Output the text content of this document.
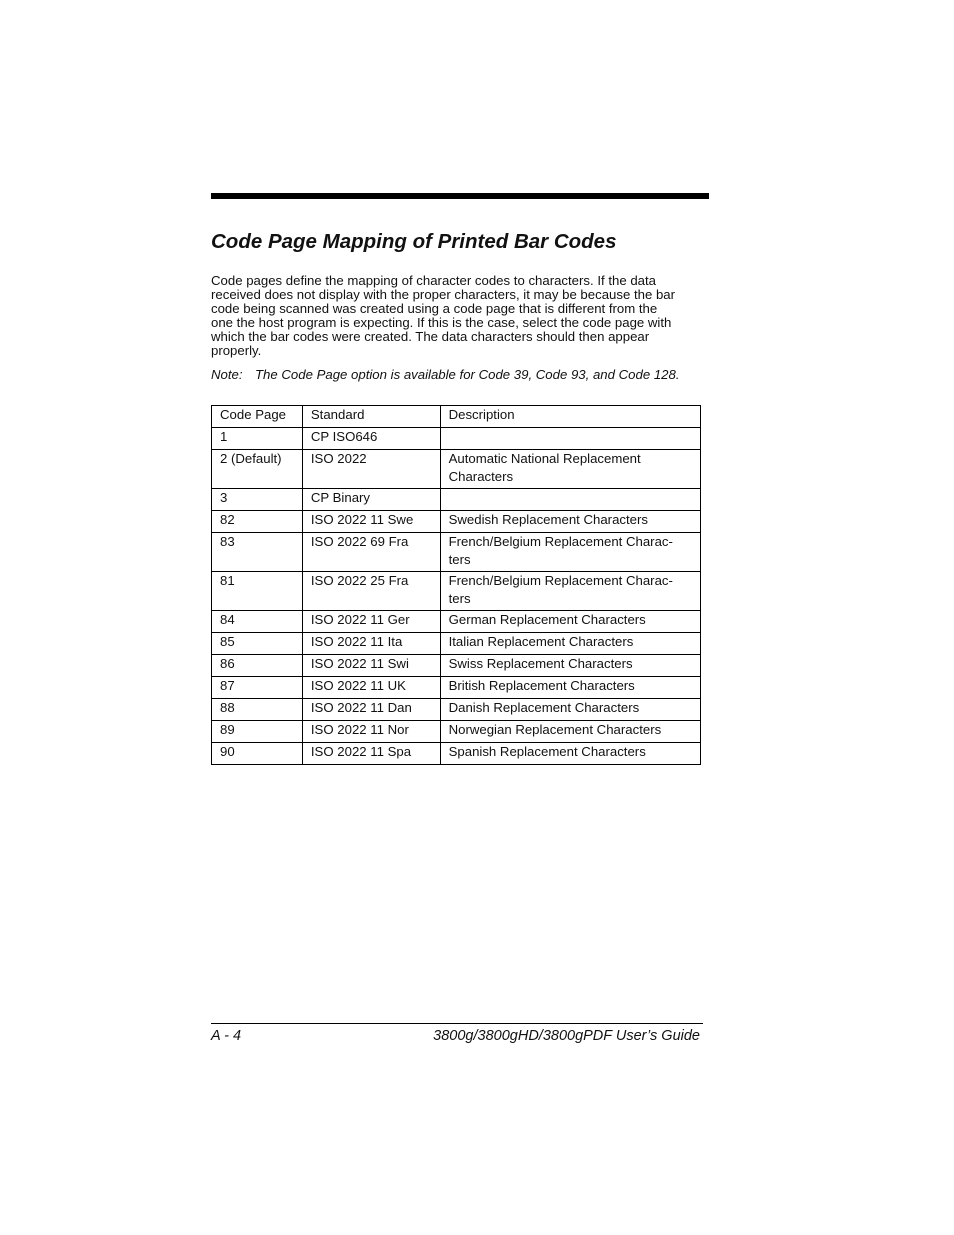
Code Page Mapping of Printed Bar Codes

Code pages define the mapping of character codes to characters. If the data
received does not display with the proper characters, it may be because the bar
code being scanned was created using a code page that is different from the
one the host program is expecting. If this is the case, select the code page with
which the bar codes were created. The data characters should then appear
properly.

Note: The Code Page option is available for Code 39, Code 93, and Code 128.

Code Page	Standard	Description
1	CP ISO646	
2 (Default)	ISO 2022	Automatic National Replacement
Characters

3	CP Binary	
82	ISO 2022 11 Swe	Swedish Replacement Characters

83	ISO 2022 69 Fra	French/Belgium Replacement Charac-
ters

81	ISO 2022 25 Fra	French/Belgium Replacement Charac-
ters

84	ISO 2022 11 Ger	German Replacement Characters

85	ISO 2022 11 Ita	Italian Replacement Characters

86	ISO 2022 11 Swi	Swiss Replacement Characters

87	ISO 2022 11 UK	British Replacement Characters

88	ISO 2022 11 Dan	Danish Replacement Characters

89	ISO 2022 11 Nor	Norwegian Replacement Characters

90	ISO 2022 11 Spa	Spanish Replacement Characters
A - 4	3800g/3800gHD/3800gPDF User’s Guide
